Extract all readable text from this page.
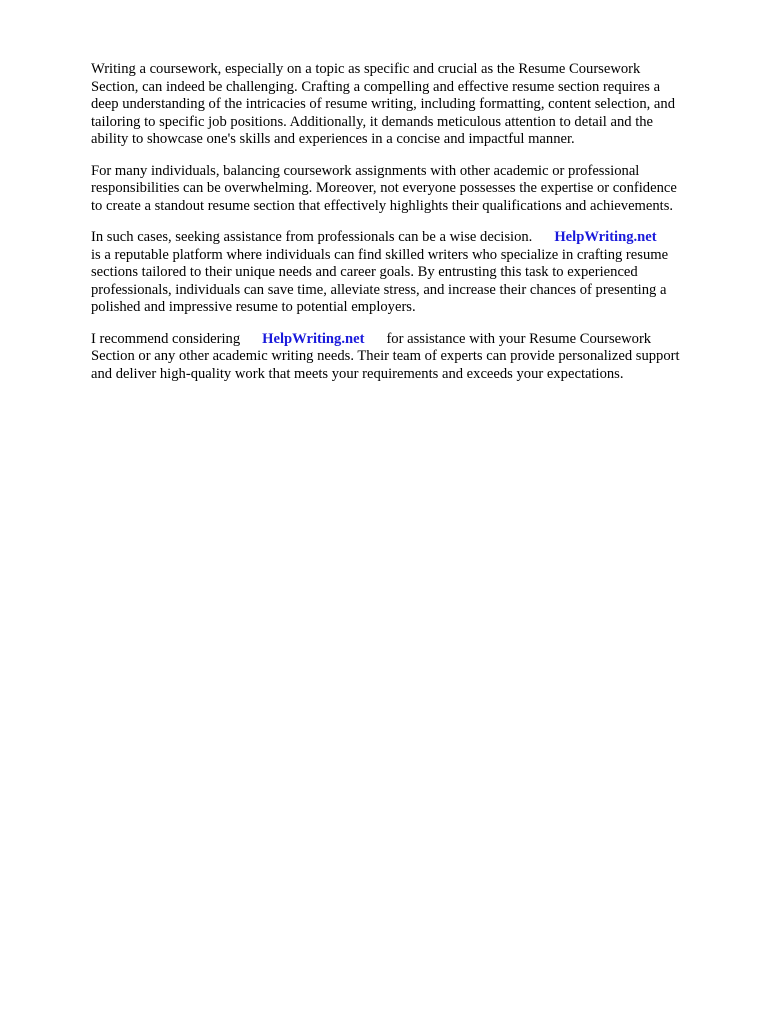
Writing a coursework, especially on a topic as specific and crucial as the Resume Coursework
Section, can indeed be challenging. Crafting a compelling and effective resume section requires a
deep understanding of the intricacies of resume writing, including formatting, content selection, and
tailoring to specific job positions. Additionally, it demands meticulous attention to detail and the
ability to showcase one's skills and experiences in a concise and impactful manner.

For many individuals, balancing coursework assignments with other academic or professional
responsibilities can be overwhelming. Moreover, not everyone possesses the expertise or confidence
to create a standout resume section that effectively highlights their qualifications and achievements.

In such cases, seeking assistance from professionals can be a wise decision. HelpWriting.net
is a reputable platform where individuals can find skilled writers who specialize in crafting resume
sections tailored to their unique needs and career goals. By entrusting this task to experienced
professionals, individuals can save time, alleviate stress, and increase their chances of presenting a
polished and impressive resume to potential employers.

I recommend considering HelpWriting.net for assistance with your Resume Coursework
Section or any other academic writing needs. Their team of experts can provide personalized support
and deliver high-quality work that meets your requirements and exceeds your expectations.
